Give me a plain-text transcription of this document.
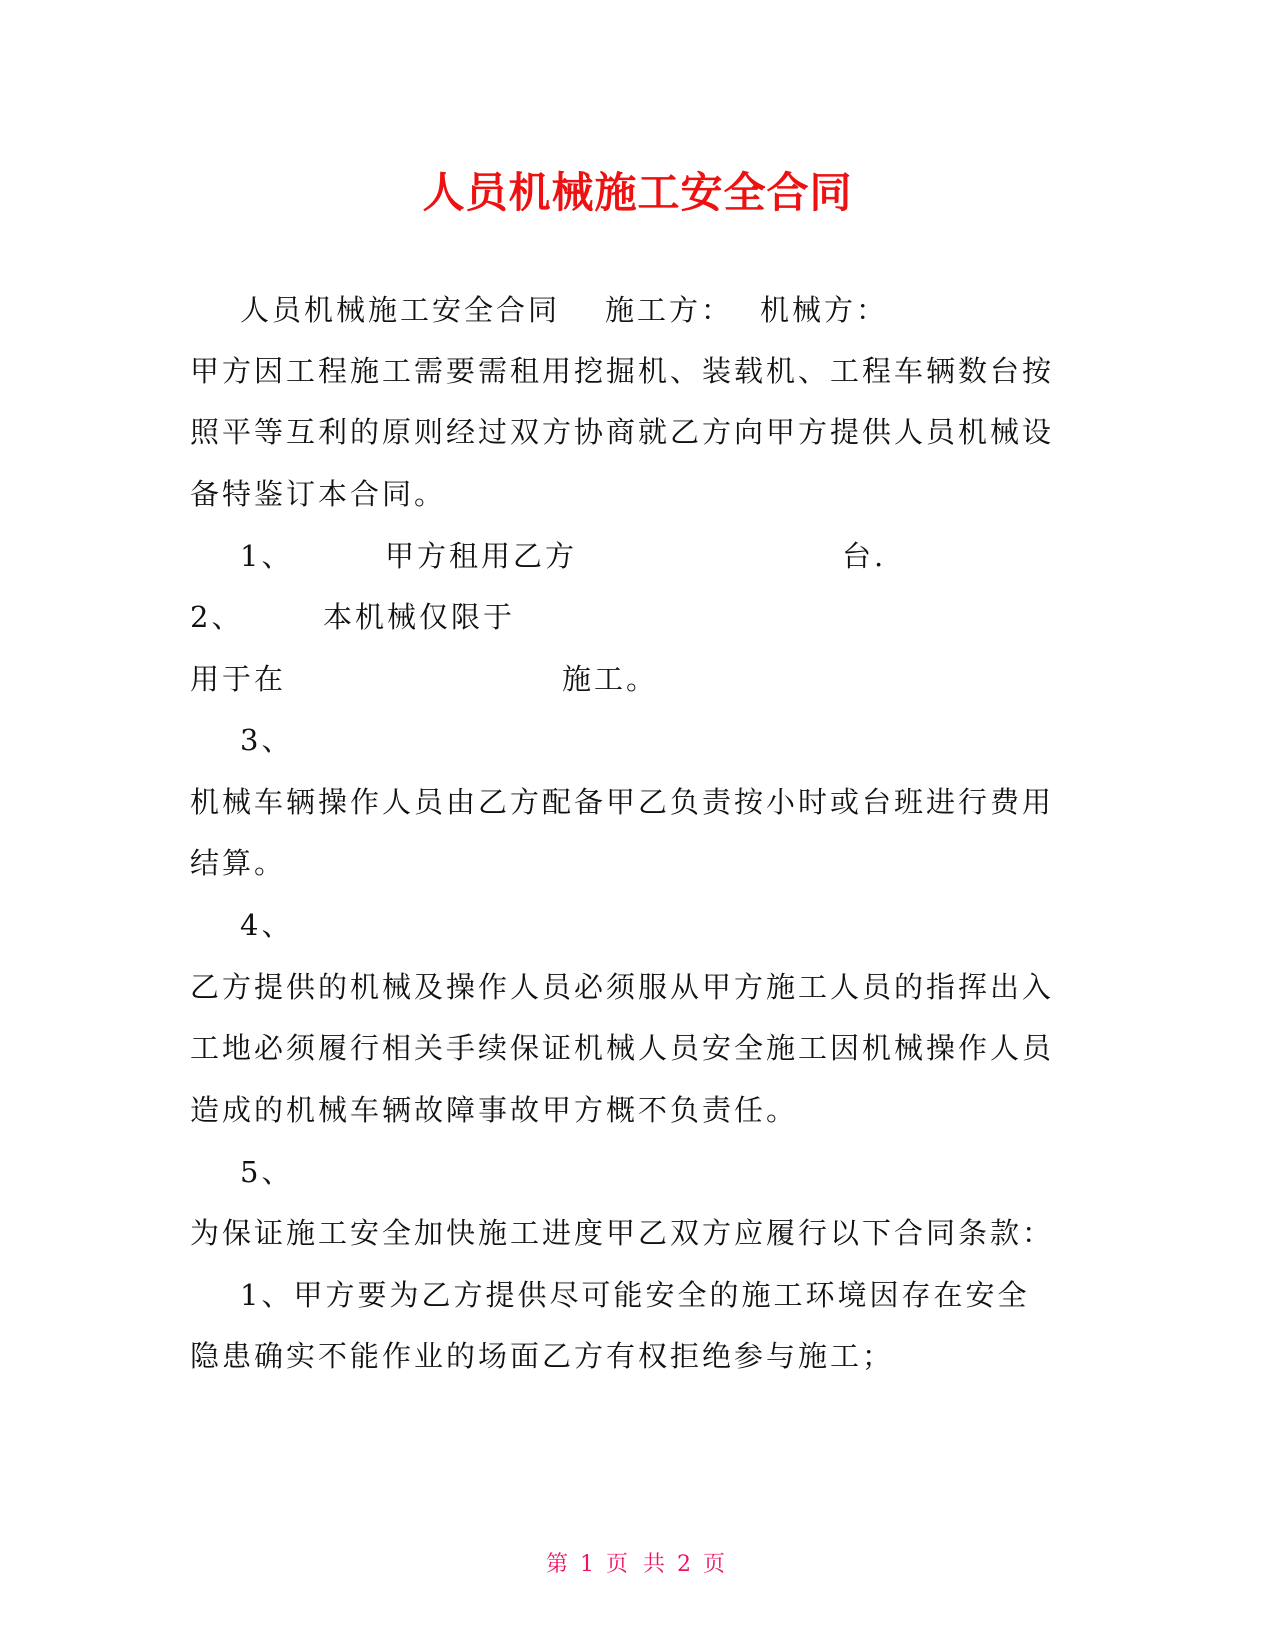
人员机械施工安全合同
人员机械施工安全合同 施工方： 机械方：
甲方因工程施工需要需租用挖掘机、装载机、工程车辆数台按
照平等互利的原则经过双方协商就乙方向甲方提供人员机械设
备特鉴订本合同。
1、	甲方租用乙方	台.
2、	本机械仅限于
用于在	施工。
3、
机械车辆操作人员由乙方配备甲乙负责按小时或台班进行费用
结算。
4、
乙方提供的机械及操作人员必须服从甲方施工人员的指挥出入
工地必须履行相关手续保证机械人员安全施工因机械操作人员
造成的机械车辆故障事故甲方概不负责任。
5、
为保证施工安全加快施工进度甲乙双方应履行以下合同条款：
1、甲方要为乙方提供尽可能安全的施工环境因存在安全
隐患确实不能作业的场面乙方有权拒绝参与施工；
第 1 页 共 2 页
